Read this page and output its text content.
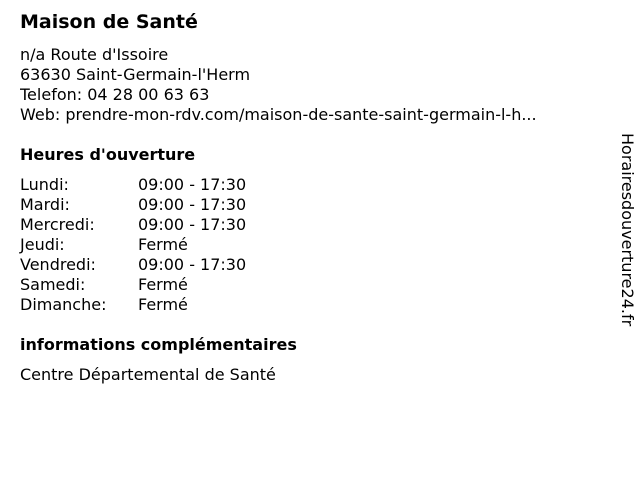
Maison de Santé
n/a Route d'Issoire
63630 Saint-Germain-l'Herm
Telefon: 04 28 00 63 63
Web: prendre-mon-rdv.com/maison-de-sante-saint-germain-l-h...
Heures d'ouverture
Lundi:	09:00 - 17:30
Mardi:	09:00 - 17:30
Mercredi:	09:00 - 17:30
Jeudi:	Fermé
Vendredi:	09:00 - 17:30
Samedi:	Fermé
Dimanche:	Fermé
informations complémentaires
Centre Départemental de Santé
Horairesdouverture24.fr
